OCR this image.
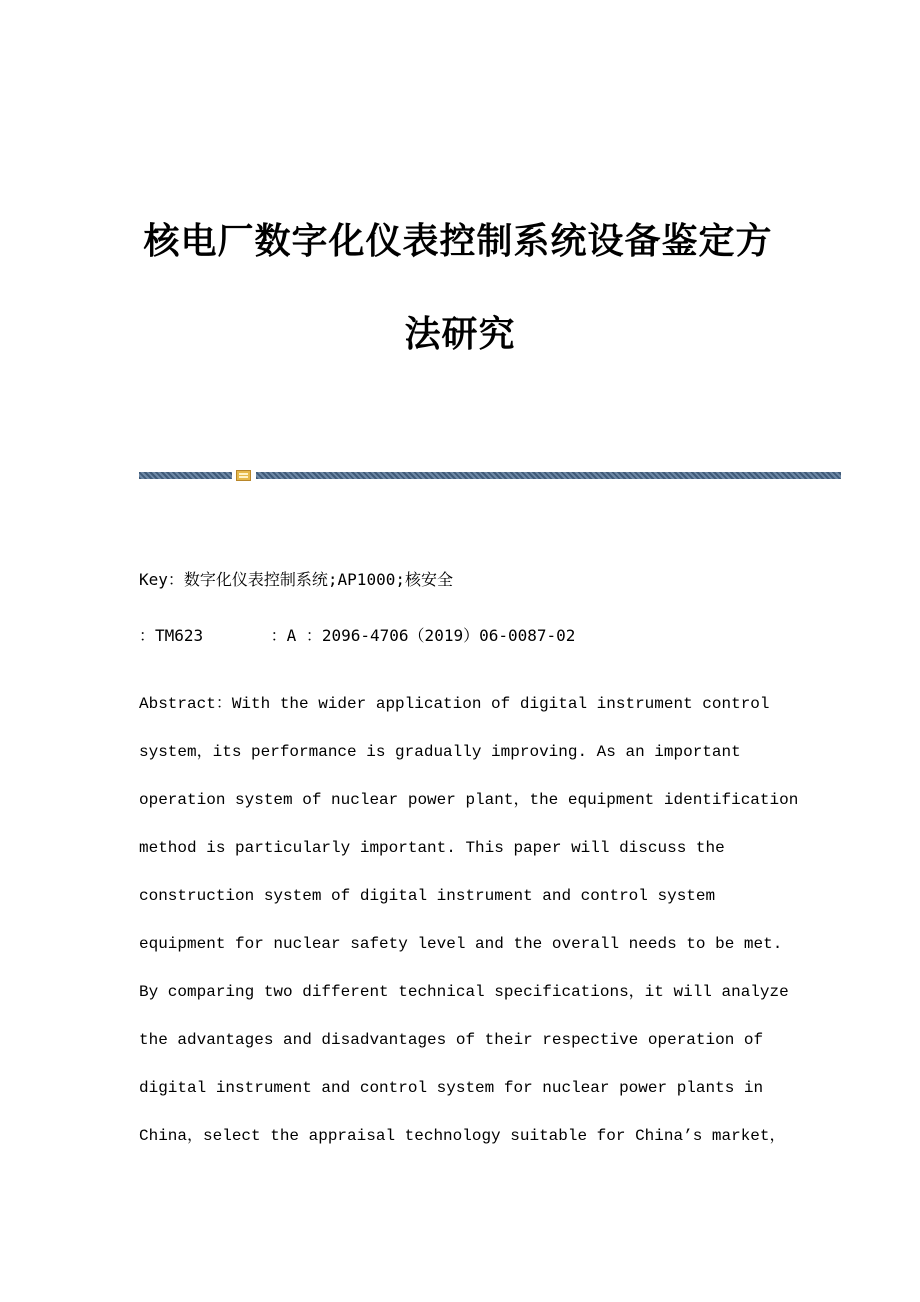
核电厂数字化仪表控制系统设备鉴定方
法研究
Key：数字化仪表控制系统;AP1000;核安全
：TM623       ：A ：2096-4706（2019）06-0087-02
Abstract：With the wider application of digital instrument control
system，its performance is gradually improving. As an important
operation system of nuclear power plant，the equipment identification
method is particularly important. This paper will discuss the
construction system of digital instrument and control system
equipment for nuclear safety level and the overall needs to be met.
By comparing two different technical specifications，it will analyze
the advantages and disadvantages of their respective operation of
digital instrument and control system for nuclear power plants in
China，select the appraisal technology suitable for China’s market，
